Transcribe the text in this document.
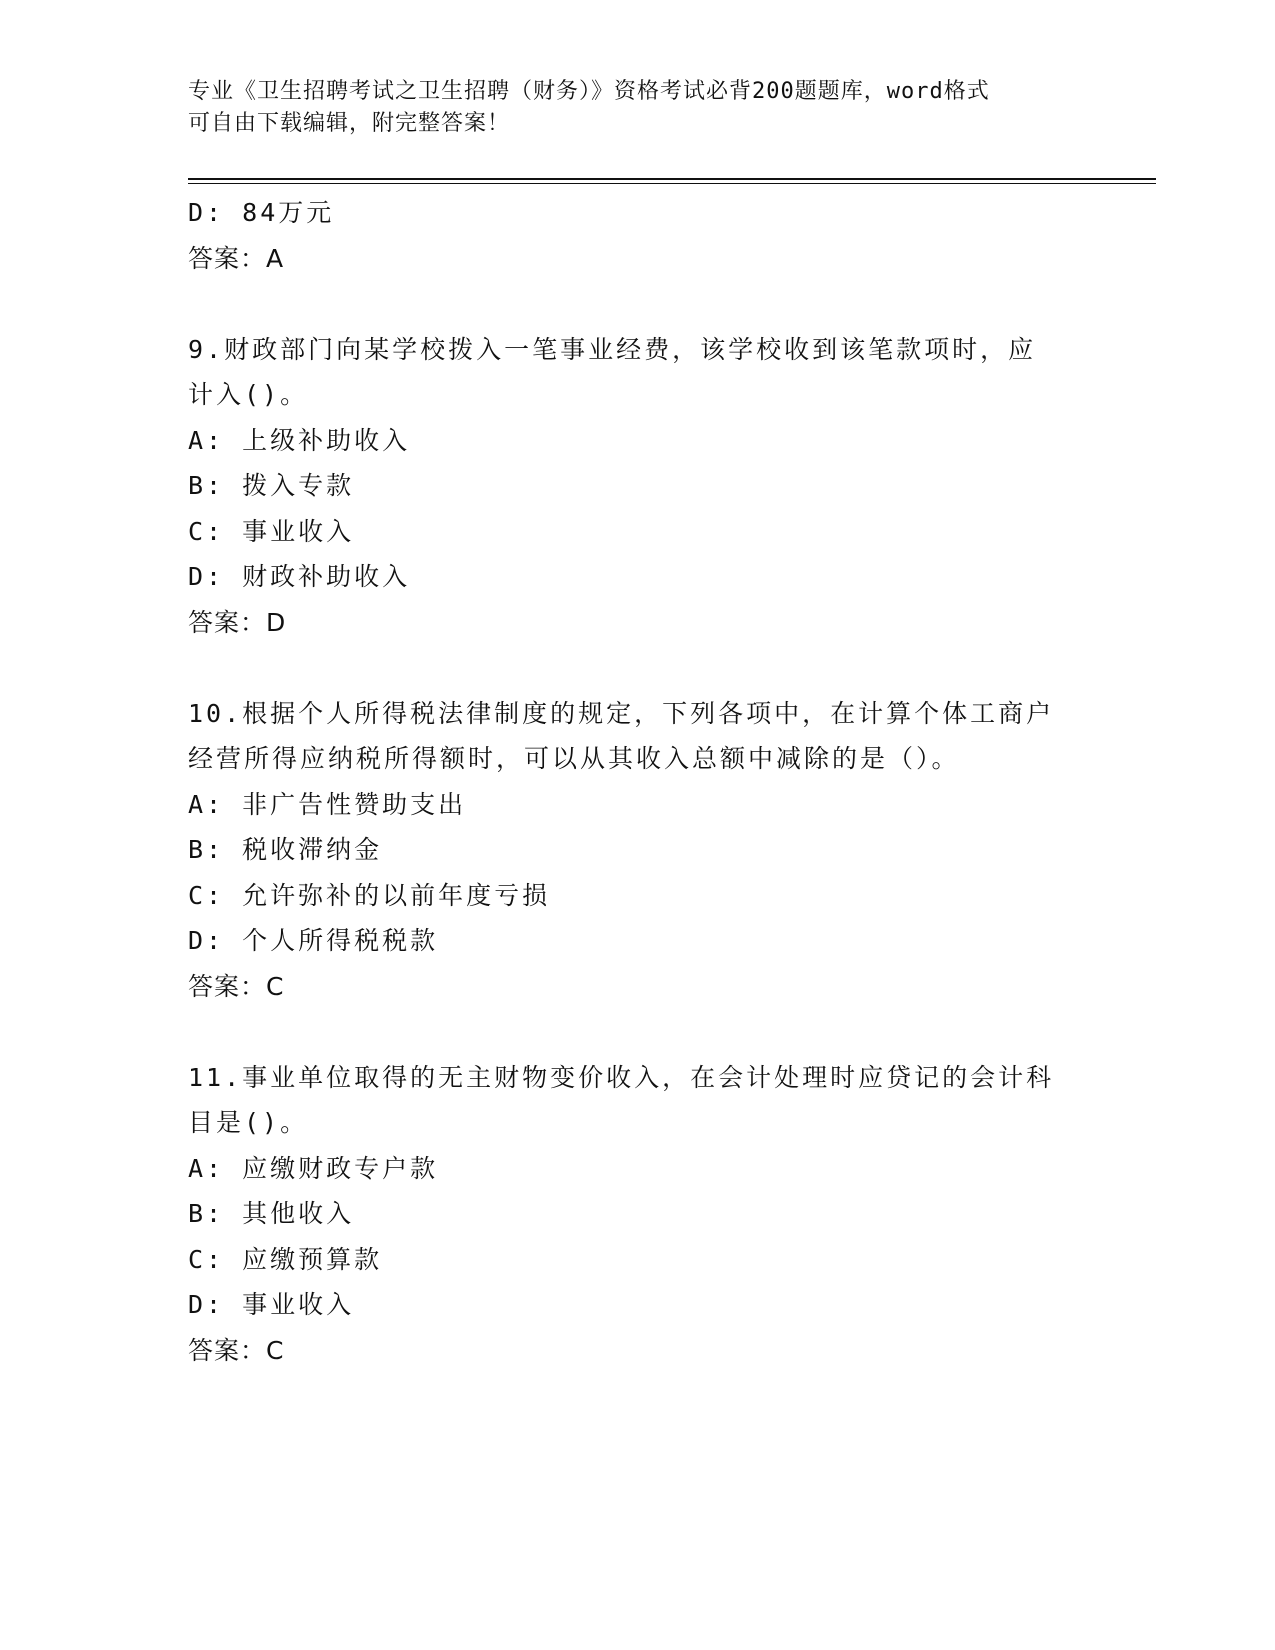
专业《卫生招聘考试之卫生招聘（财务）》资格考试必背200题题库，word格式
可自由下载编辑，附完整答案！
D: 84万元
答案：A
9.财政部门向某学校拨入一笔事业经费，该学校收到该笔款项时，应
计入()。
A: 上级补助收入
B: 拨入专款
C: 事业收入
D: 财政补助收入
答案：D
10.根据个人所得税法律制度的规定，下列各项中，在计算个体工商户
经营所得应纳税所得额时，可以从其收入总额中减除的是（）。
A: 非广告性赞助支出
B: 税收滞纳金
C: 允许弥补的以前年度亏损
D: 个人所得税税款
答案：C
11.事业单位取得的无主财物变价收入，在会计处理时应贷记的会计科
目是()。
A: 应缴财政专户款
B: 其他收入
C: 应缴预算款
D: 事业收入
答案：C
